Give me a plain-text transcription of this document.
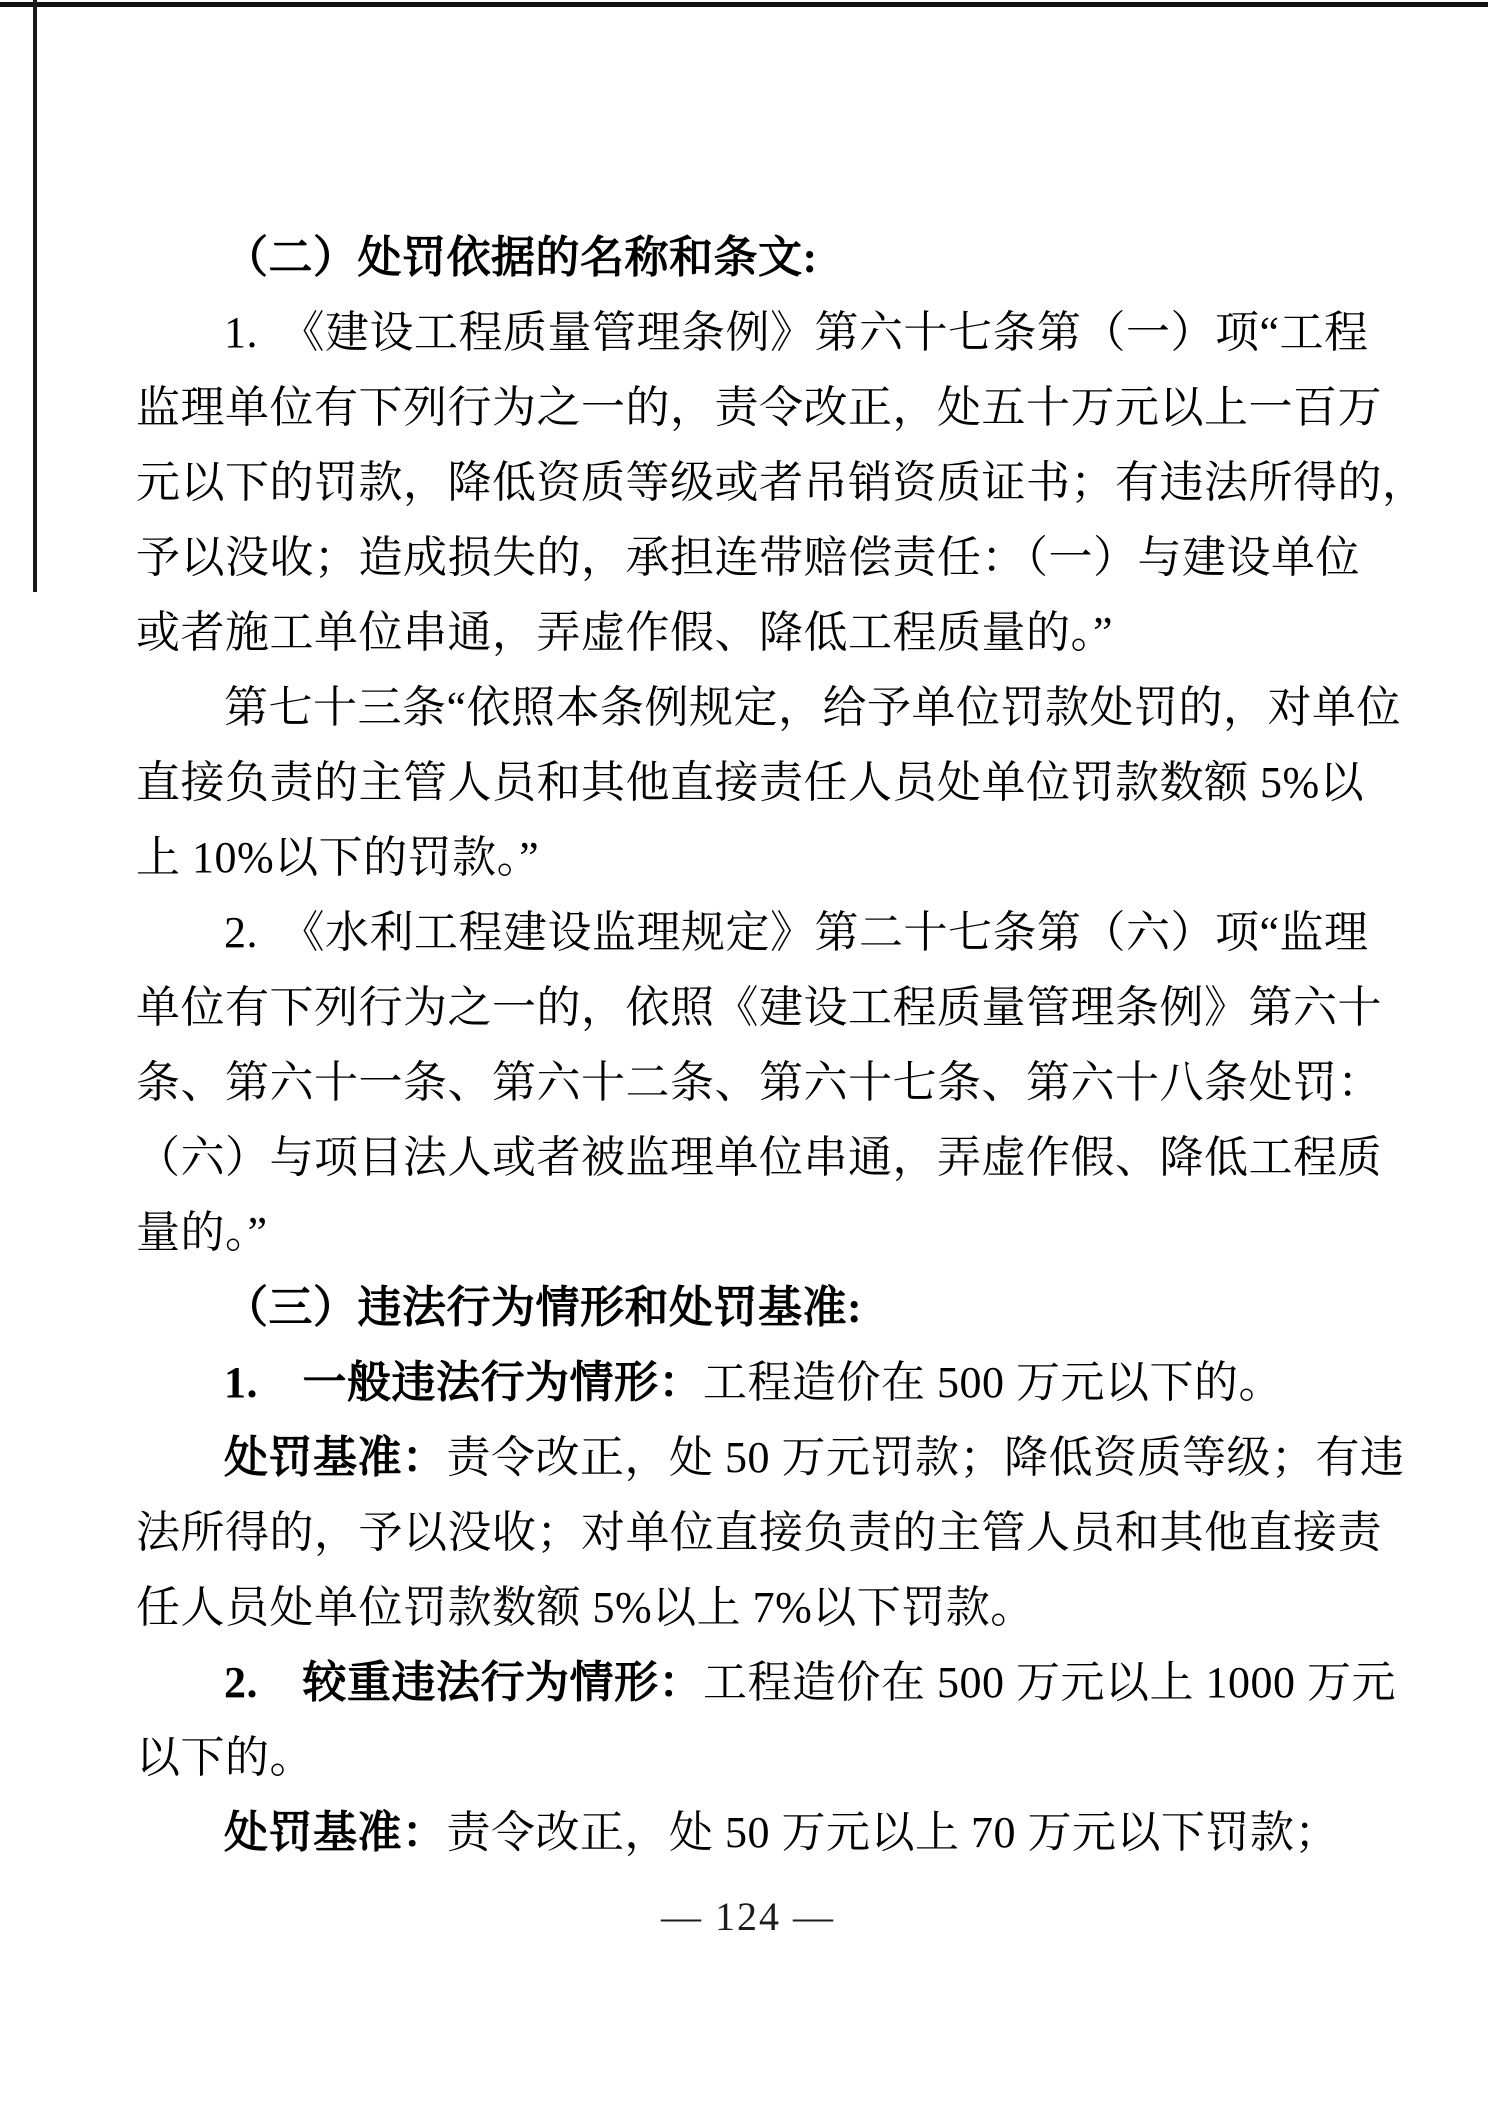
（二）处罚依据的名称和条文:
1.　《建设工程质量管理条例》第六十七条第（一）项“工程
监理单位有下列行为之一的，责令改正，处五十万元以上一百万
元以下的罚款，降低资质等级或者吊销资质证书；有违法所得的，
予以没收；造成损失的，承担连带赔偿责任：（一）与建设单位
或者施工单位串通，弄虚作假、降低工程质量的。”
第七十三条“依照本条例规定，给予单位罚款处罚的，对单位
直接负责的主管人员和其他直接责任人员处单位罚款数额 5%以
上 10%以下的罚款。”
2.　《水利工程建设监理规定》第二十七条第（六）项“监理
单位有下列行为之一的，依照《建设工程质量管理条例》第六十
条、第六十一条、第六十二条、第六十七条、第六十八条处罚：
（六）与项目法人或者被监理单位串通，弄虚作假、降低工程质
量的。”
（三）违法行为情形和处罚基准:
1.　一般违法行为情形：工程造价在 500 万元以下的。
处罚基准：责令改正，处 50 万元罚款；降低资质等级；有违
法所得的，予以没收；对单位直接负责的主管人员和其他直接责
任人员处单位罚款数额 5%以上 7%以下罚款。
2.　较重违法行为情形：工程造价在 500 万元以上 1000 万元
以下的。
处罚基准：责令改正，处 50 万元以上 70 万元以下罚款；
— 124 —
